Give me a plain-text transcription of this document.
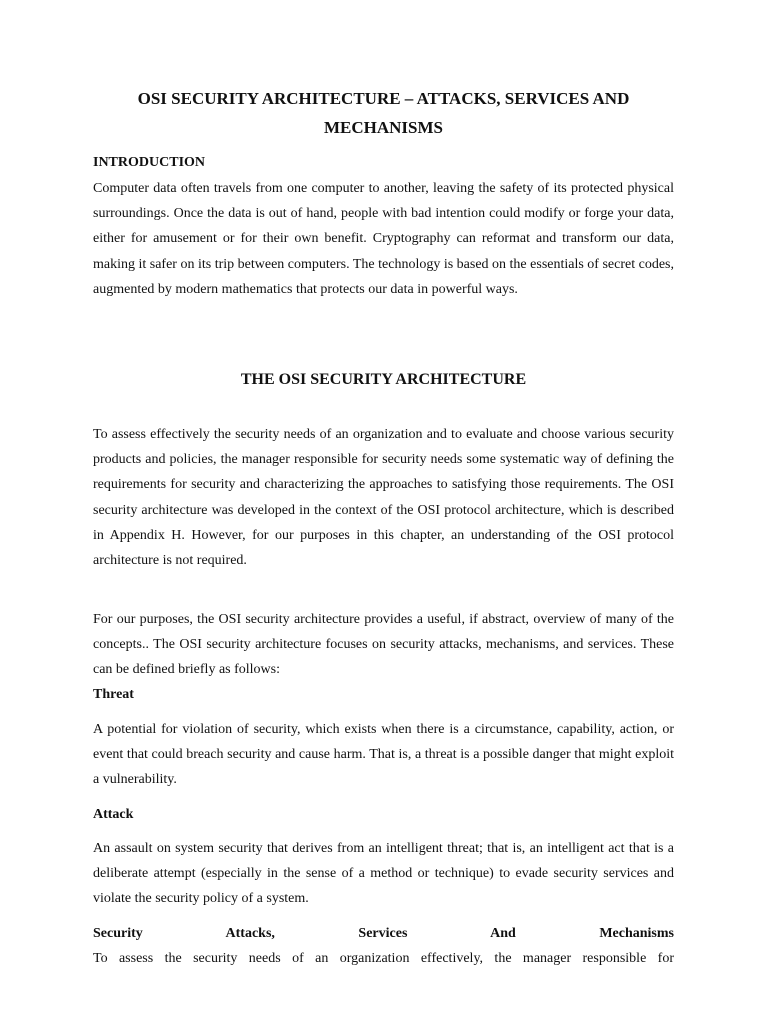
OSI SECURITY ARCHITECTURE – ATTACKS, SERVICES AND MECHANISMS
INTRODUCTION

Computer data often travels from one computer to another, leaving the safety of its protected physical surroundings. Once the data is out of hand, people with bad intention could modify or forge your data, either for amusement or for their own benefit. Cryptography can reformat and transform our data, making it safer on its trip between computers. The technology is based on the essentials of secret codes, augmented by modern mathematics that protects our data in powerful ways.

THE OSI SECURITY ARCHITECTURE

To assess effectively the security needs of an organization and to evaluate and choose various security products and policies, the manager responsible for security needs some systematic way of defining the requirements for security and characterizing the approaches to satisfying those requirements. The OSI security architecture was developed in the context of the OSI protocol architecture, which is described in Appendix H. However, for our purposes in this chapter, an understanding of the OSI protocol architecture is not required.

For our purposes, the OSI security architecture provides a useful, if abstract, overview of many of the concepts.. The OSI security architecture focuses on security attacks, mechanisms, and services. These can be defined briefly as follows:

Threat

A potential for violation of security, which exists when there is a circumstance, capability, action, or event that could breach security and cause harm. That is, a threat is a possible danger that might exploit a vulnerability.

Attack

An assault on system security that derives from an intelligent threat; that is, an intelligent act that is a deliberate attempt (especially in the sense of a method or technique) to evade security services and violate the security policy of a system.

Security Attacks, Services And Mechanisms

To assess the security needs of an organization effectively, the manager responsible for
